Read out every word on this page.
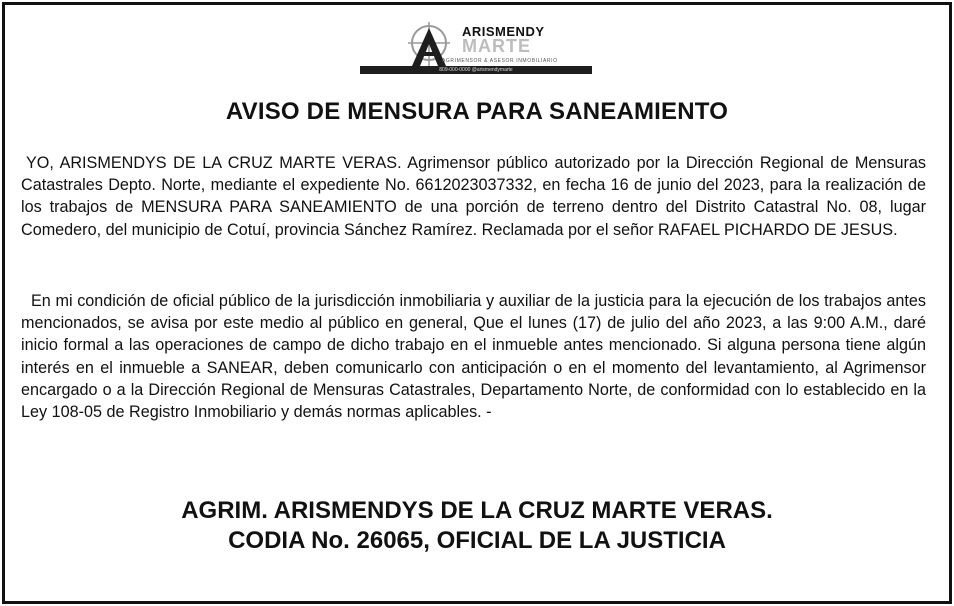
ARISMENDY
MARTE
AGRIMENSOR & ASESOR INMOBILIARIO
809-000-0000 @arismendymarte
AVISO DE MENSURA PARA SANEAMIENTO

YO, ARISMENDYS DE LA CRUZ MARTE VERAS. Agrimensor público autorizado por la Dirección Regional de Mensuras Catastrales Depto. Norte, mediante el expediente No. 6612023037332, en fecha 16 de junio del 2023, para la realización de los trabajos de MENSURA PARA SANEAMIENTO de una porción de terreno dentro del Distrito Catastral No. 08, lugar Comedero, del municipio de Cotuí, provincia Sánchez Ramírez. Reclamada por el señor RAFAEL PICHARDO DE JESUS.

En mi condición de oficial público de la jurisdicción inmobiliaria y auxiliar de la justicia para la ejecución de los trabajos antes mencionados, se avisa por este medio al público en general, Que el lunes (17) de julio del año 2023, a las 9:00 A.M., daré inicio formal a las operaciones de campo de dicho trabajo en el inmueble antes mencionado. Si alguna persona tiene algún interés en el inmueble a SANEAR, deben comunicarlo con anticipación o en el momento del levantamiento, al Agrimensor encargado o a la Dirección Regional de Mensuras Catastrales, Departamento Norte, de conformidad con lo establecido en la Ley 108-05 de Registro Inmobiliario y demás normas aplicables. -

AGRIM. ARISMENDYS DE LA CRUZ MARTE VERAS.
CODIA No. 26065, OFICIAL DE LA JUSTICIA
